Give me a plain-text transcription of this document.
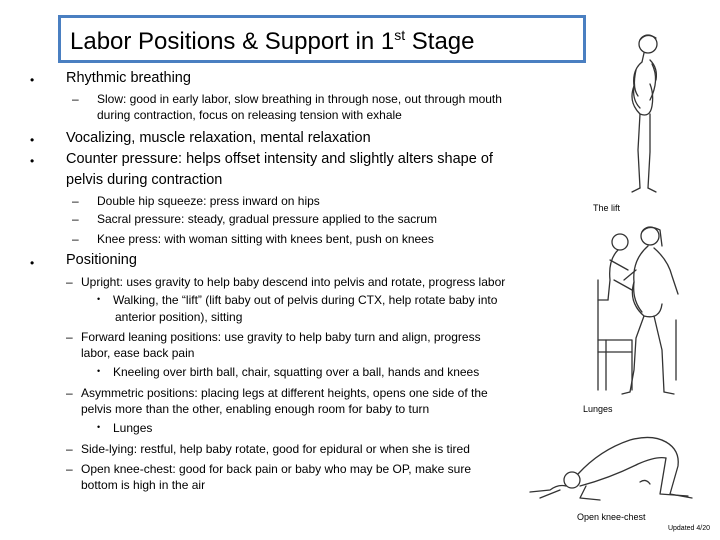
Labor Positions & Support in 1st Stage
• Rhythmic breathing
– Slow: good in early labor, slow breathing in through nose, out through mouth
during contraction, focus on releasing tension with exhale
• Vocalizing, muscle relaxation, mental relaxation
• Counter pressure: helps offset intensity and slightly alters shape of
pelvis during contraction
– Double hip squeeze: press inward on hips
– Sacral pressure: steady, gradual pressure applied to the sacrum
– Knee press: with woman sitting with knees bent, push on knees
• Positioning
– Upright: uses gravity to help baby descend into pelvis and rotate, progress labor
• Walking, the “lift” (lift baby out of pelvis during CTX, help rotate baby into
anterior position), sitting
– Forward leaning positions: use gravity to help baby turn and align, progress
labor, ease back pain
• Kneeling over birth ball, chair, squatting over a ball, hands and knees
– Asymmetric positions: placing legs at different heights, opens one side of the
pelvis more than the other, enabling enough room for baby to turn
• Lunges
– Side-lying: restful, help baby rotate, good for epidural or when she is tired
– Open knee-chest: good for back pain or baby who may be OP, make sure
bottom is high in the air
The lift
Lunges
Open knee-chest
Updated 4/20
